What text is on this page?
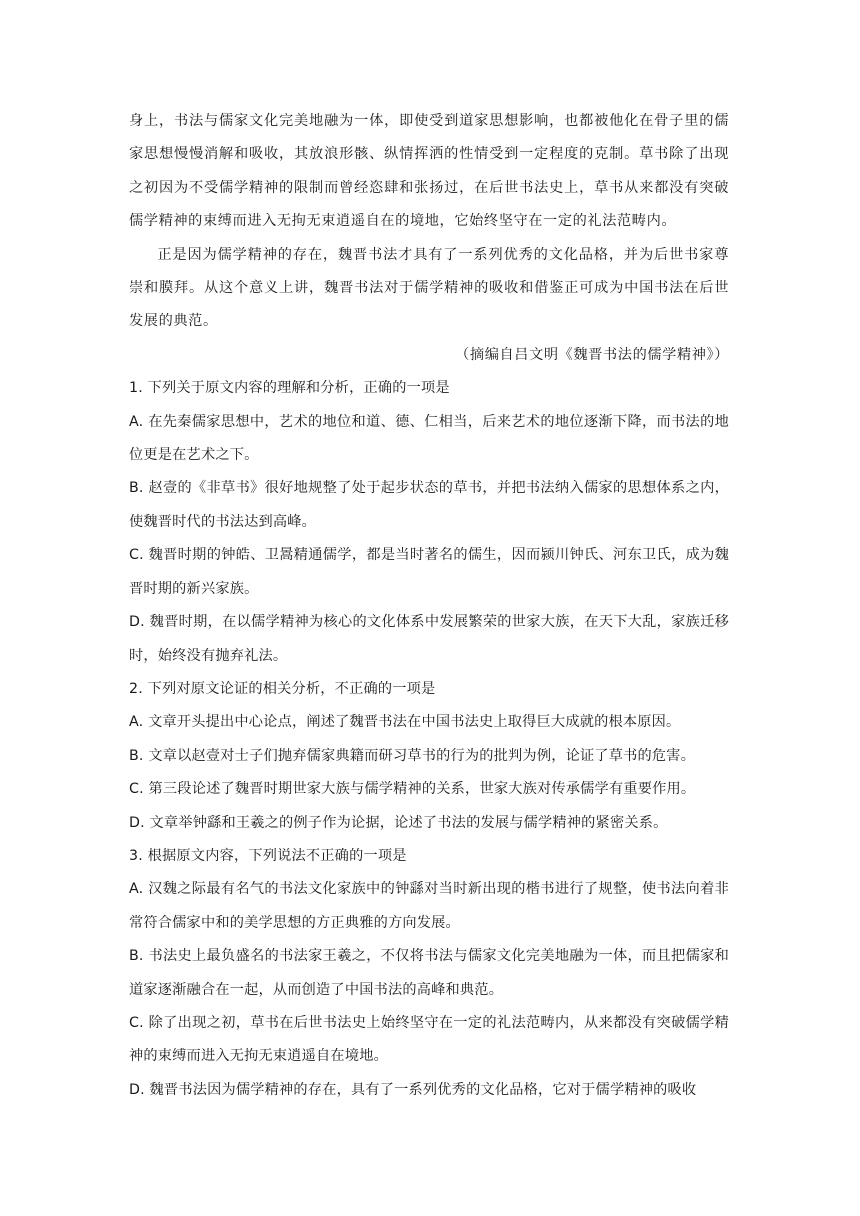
身上，书法与儒家文化完美地融为一体，即使受到道家思想影响，也都被他化在骨子里的儒家思想慢慢消解和吸收，其放浪形骸、纵情挥洒的性情受到一定程度的克制。草书除了出现之初因为不受儒学精神的限制而曾经恣肆和张扬过，在后世书法史上，草书从来都没有突破儒学精神的束缚而进入无拘无束逍遥自在的境地，它始终坚守在一定的礼法范畴内。

正是因为儒学精神的存在，魏晋书法才具有了一系列优秀的文化品格，并为后世书家尊崇和膜拜。从这个意义上讲，魏晋书法对于儒学精神的吸收和借鉴正可成为中国书法在后世发展的典范。

（摘编自吕文明《魏晋书法的儒学精神》）

1. 下列关于原文内容的理解和分析，正确的一项是

A. 在先秦儒家思想中，艺术的地位和道、德、仁相当，后来艺术的地位逐渐下降，而书法的地位更是在艺术之下。

B. 赵壹的《非草书》很好地规整了处于起步状态的草书，并把书法纳入儒家的思想体系之内，使魏晋时代的书法达到高峰。

C. 魏晋时期的钟皓、卫暠精通儒学，都是当时著名的儒生，因而颍川钟氏、河东卫氏，成为魏晋时期的新兴家族。

D. 魏晋时期，在以儒学精神为核心的文化体系中发展繁荣的世家大族，在天下大乱，家族迁移时，始终没有抛弃礼法。

2. 下列对原文论证的相关分析，不正确的一项是

A. 文章开头提出中心论点，阐述了魏晋书法在中国书法史上取得巨大成就的根本原因。

B. 文章以赵壹对士子们抛弃儒家典籍而研习草书的行为的批判为例，论证了草书的危害。

C. 第三段论述了魏晋时期世家大族与儒学精神的关系，世家大族对传承儒学有重要作用。

D. 文章举钟繇和王羲之的例子作为论据，论述了书法的发展与儒学精神的紧密关系。

3. 根据原文内容，下列说法不正确的一项是

A. 汉魏之际最有名气的书法文化家族中的钟繇对当时新出现的楷书进行了规整，使书法向着非常符合儒家中和的美学思想的方正典雅的方向发展。

B. 书法史上最负盛名的书法家王羲之，不仅将书法与儒家文化完美地融为一体，而且把儒家和道家逐渐融合在一起，从而创造了中国书法的高峰和典范。

C. 除了出现之初，草书在后世书法史上始终坚守在一定的礼法范畴内，从来都没有突破儒学精神的束缚而进入无拘无束逍遥自在境地。

D. 魏晋书法因为儒学精神的存在，具有了一系列优秀的文化品格，它对于儒学精神的吸收
